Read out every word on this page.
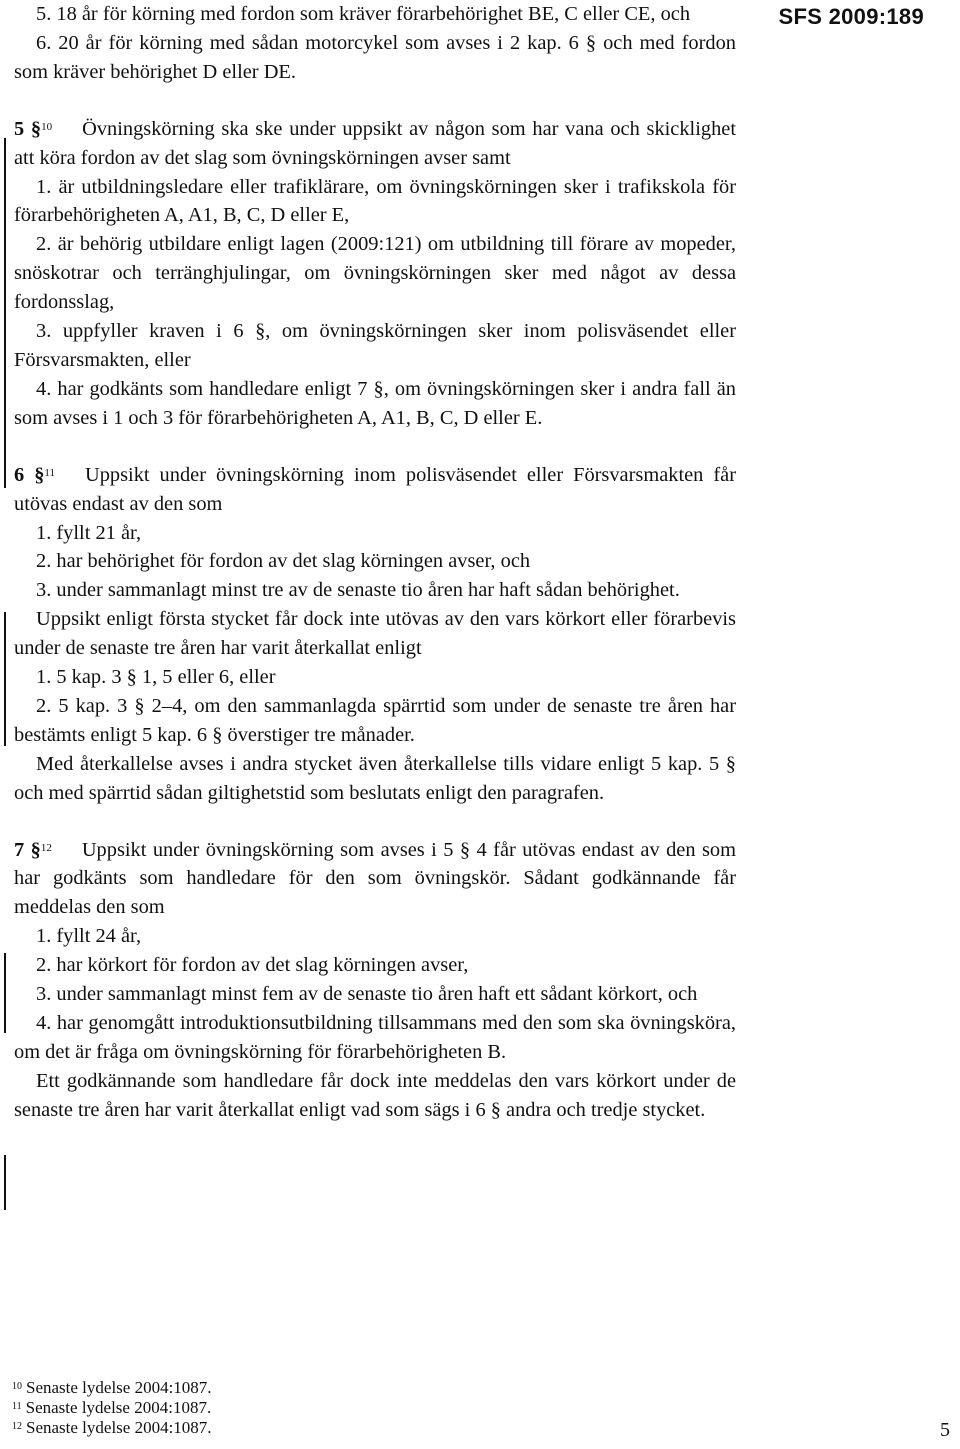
SFS 2009:189

5. 18 år för körning med fordon som kräver förarbehörighet BE, C eller CE, och

6. 20 år för körning med sådan motorcykel som avses i 2 kap. 6 § och med fordon som kräver behörighet D eller DE.

5 §$^{10}$ Övningskörning ska ske under uppsikt av någon som har vana och skicklighet att köra fordon av det slag som övningskörningen avser samt

1. är utbildningsledare eller trafiklärare, om övningskörningen sker i trafikskola för förarbehörigheten A, A1, B, C, D eller E,

2. är behörig utbildare enligt lagen (2009:121) om utbildning till förare av mopeder, snöskotrar och terränghjulingar, om övningskörningen sker med något av dessa fordonsslag,

3. uppfyller kraven i 6 §, om övningskörningen sker inom polisväsendet eller Försvarsmakten, eller

4. har godkänts som handledare enligt 7 §, om övningskörningen sker i andra fall än som avses i 1 och 3 för förarbehörigheten A, A1, B, C, D eller E.

6 §$^{11}$ Uppsikt under övningskörning inom polisväsendet eller Försvarsmakten får utövas endast av den som

1. fyllt 21 år,

2. har behörighet för fordon av det slag körningen avser, och

3. under sammanlagt minst tre av de senaste tio åren har haft sådan behörighet.

Uppsikt enligt första stycket får dock inte utövas av den vars körkort eller förarbevis under de senaste tre åren har varit återkallat enligt

1. 5 kap. 3 § 1, 5 eller 6, eller

2. 5 kap. 3 § 2–4, om den sammanlagda spärrtid som under de senaste tre åren har bestämts enligt 5 kap. 6 § överstiger tre månader.

Med återkallelse avses i andra stycket även återkallelse tills vidare enligt 5 kap. 5 § och med spärrtid sådan giltighetstid som beslutats enligt den paragrafen.

7 §$^{12}$ Uppsikt under övningskörning som avses i 5 § 4 får utövas endast av den som har godkänts som handledare för den som övningskör. Sådant godkännande får meddelas den som

1. fyllt 24 år,

2. har körkort för fordon av det slag körningen avser,

3. under sammanlagt minst fem av de senaste tio åren haft ett sådant körkort, och

4. har genomgått introduktionsutbildning tillsammans med den som ska övningsköra, om det är fråga om övningskörning för förarbehörigheten B.

Ett godkännande som handledare får dock inte meddelas den vars körkort under de senaste tre åren har varit återkallat enligt vad som sägs i 6 § andra och tredje stycket.

$^{10}$ Senaste lydelse 2004:1087.
$^{11}$ Senaste lydelse 2004:1087.
$^{12}$ Senaste lydelse 2004:1087.	5
